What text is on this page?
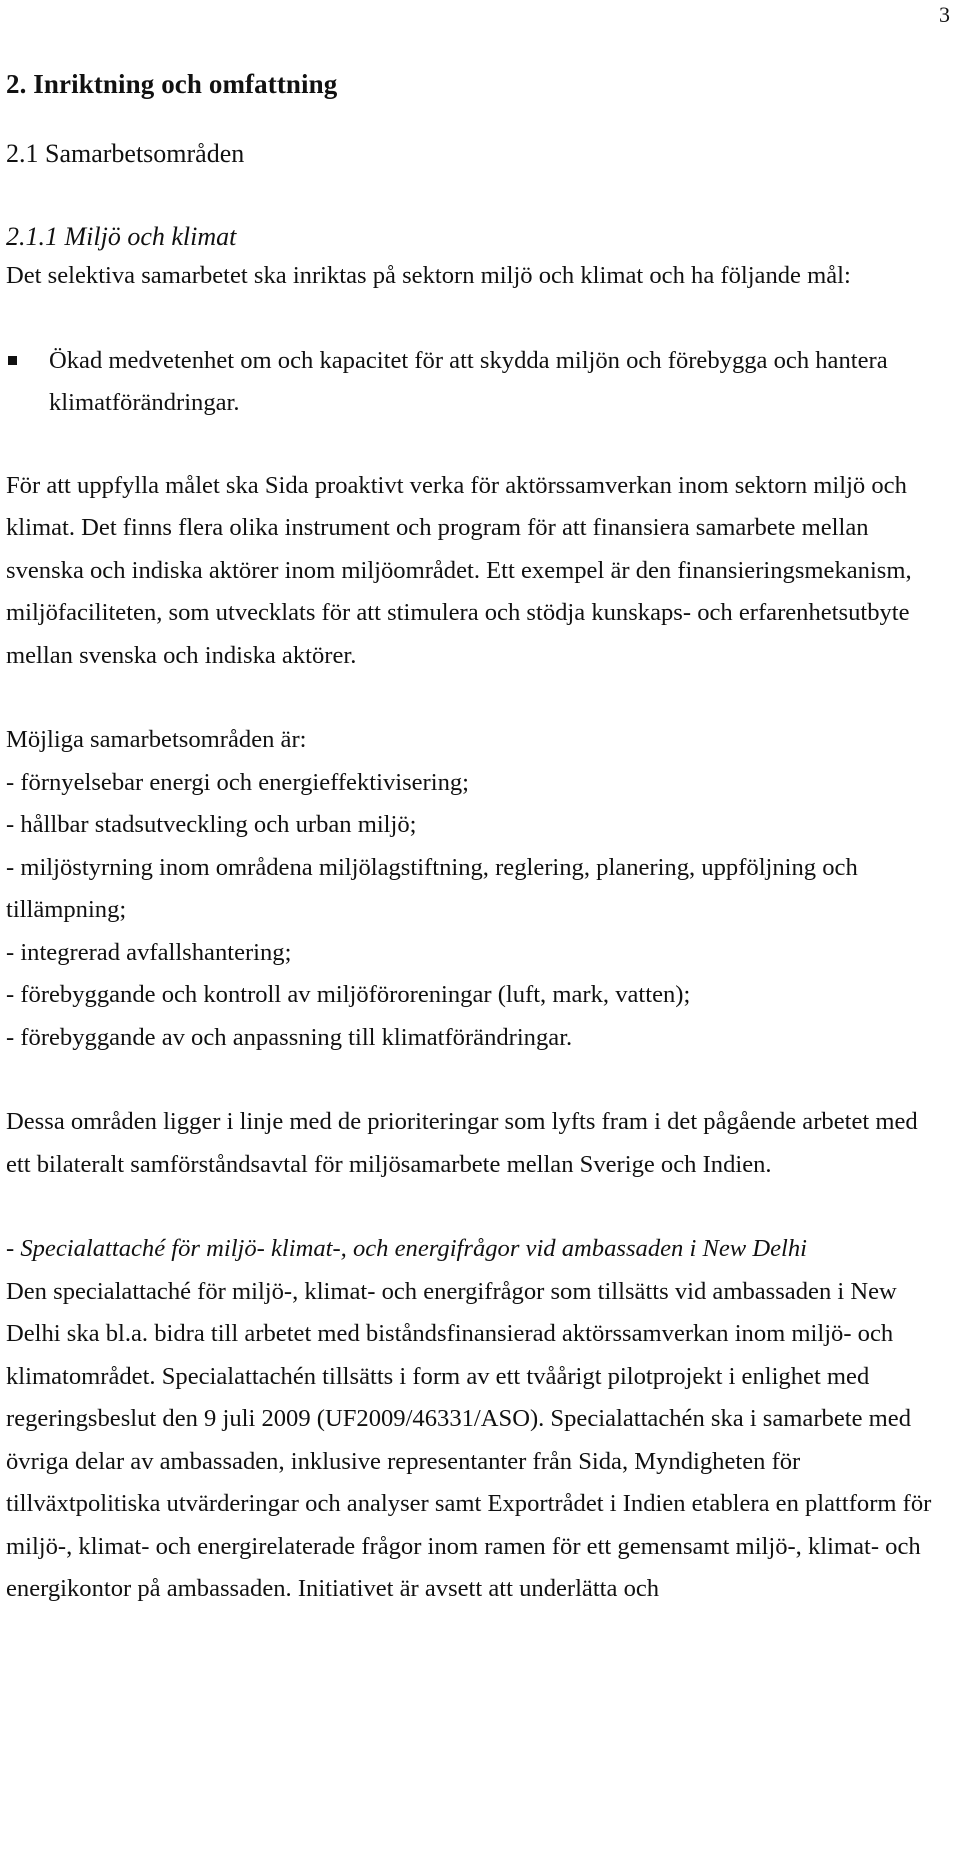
3
2. Inriktning och omfattning
2.1 Samarbetsområden
2.1.1 Miljö och klimat

Det selektiva samarbetet ska inriktas på sektorn miljö och klimat och ha följande mål:

Ökad medvetenhet om och kapacitet för att skydda miljön och förebygga och hantera klimatförändringar.

För att uppfylla målet ska Sida proaktivt verka för aktörssamverkan inom sektorn miljö och klimat. Det finns flera olika instrument och program för att finansiera samarbete mellan svenska och indiska aktörer inom miljöområdet. Ett exempel är den finansieringsmekanism, miljöfaciliteten, som utvecklats för att stimulera och stödja kunskaps- och erfarenhetsutbyte mellan svenska och indiska aktörer.

Möjliga samarbetsområden är:
- förnyelsebar energi och energieffektivisering;
- hållbar stadsutveckling och urban miljö;
- miljöstyrning inom områdena miljölagstiftning, reglering, planering, uppföljning och tillämpning;
- integrerad avfallshantering;
- förebyggande och kontroll av miljöföroreningar (luft, mark, vatten);
- förebyggande av och anpassning till klimatförändringar.

Dessa områden ligger i linje med de prioriteringar som lyfts fram i det pågående arbetet med ett bilateralt samförståndsavtal för miljösamarbete mellan Sverige och Indien.

- Specialattaché för miljö- klimat-, och energifrågor vid ambassaden i New Delhi

Den specialattaché för miljö-, klimat- och energifrågor som tillsätts vid ambassaden i New Delhi ska bl.a. bidra till arbetet med biståndsfinansierad aktörssamverkan inom miljö- och klimatområdet. Specialattachén tillsätts i form av ett tvåårigt pilotprojekt i enlighet med regeringsbeslut den 9 juli 2009 (UF2009/46331/ASO). Specialattachén ska i samarbete med övriga delar av ambassaden, inklusive representanter från Sida, Myndigheten för tillväxtpolitiska utvärderingar och analyser samt Exportrådet i Indien etablera en plattform för miljö-, klimat- och energirelaterade frågor inom ramen för ett gemensamt miljö-, klimat- och energikontor på ambassaden. Initiativet är avsett att underlätta och
